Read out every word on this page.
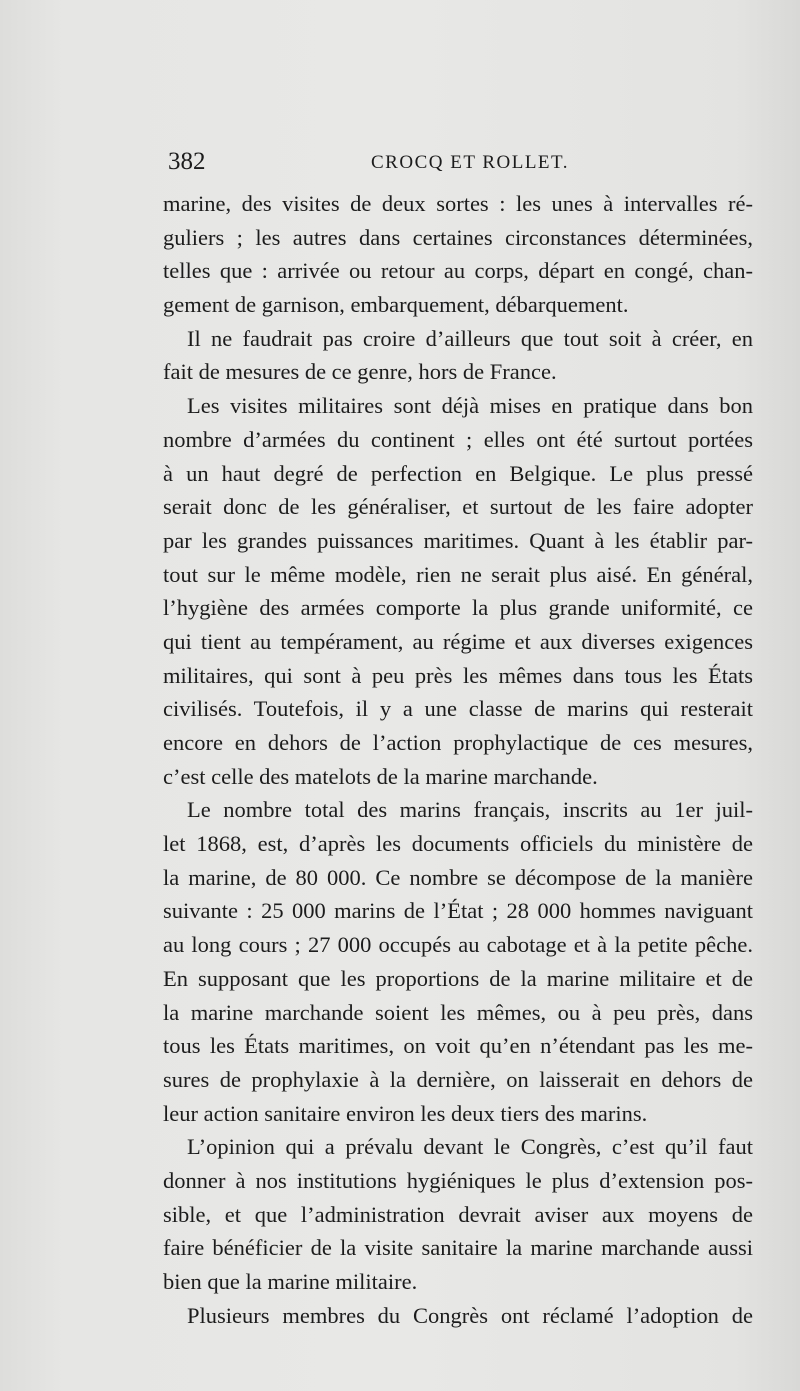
382	CROCQ ET ROLLET.
marine, des visites de deux sortes : les unes à intervalles ré-
guliers ; les autres dans certaines circonstances déterminées,
telles que : arrivée ou retour au corps, départ en congé, chan-
gement de garnison, embarquement, débarquement.
Il ne faudrait pas croire d’ailleurs que tout soit à créer, en
fait de mesures de ce genre, hors de France.
Les visites militaires sont déjà mises en pratique dans bon
nombre d’armées du continent ; elles ont été surtout portées
à un haut degré de perfection en Belgique. Le plus pressé
serait donc de les généraliser, et surtout de les faire adopter
par les grandes puissances maritimes. Quant à les établir par-
tout sur le même modèle, rien ne serait plus aisé. En général,
l’hygiène des armées comporte la plus grande uniformité, ce
qui tient au tempérament, au régime et aux diverses exigences
militaires, qui sont à peu près les mêmes dans tous les États
civilisés. Toutefois, il y a une classe de marins qui resterait
encore en dehors de l’action prophylactique de ces mesures,
c’est celle des matelots de la marine marchande.
Le nombre total des marins français, inscrits au 1er juil-
let 1868, est, d’après les documents officiels du ministère de
la marine, de 80 000. Ce nombre se décompose de la manière
suivante : 25 000 marins de l’État ; 28 000 hommes naviguant
au long cours ; 27 000 occupés au cabotage et à la petite pêche.
En supposant que les proportions de la marine militaire et de
la marine marchande soient les mêmes, ou à peu près, dans
tous les États maritimes, on voit qu’en n’étendant pas les me-
sures de prophylaxie à la dernière, on laisserait en dehors de
leur action sanitaire environ les deux tiers des marins.
L’opinion qui a prévalu devant le Congrès, c’est qu’il faut
donner à nos institutions hygiéniques le plus d’extension pos-
sible, et que l’administration devrait aviser aux moyens de
faire bénéficier de la visite sanitaire la marine marchande aussi
bien que la marine militaire.
Plusieurs membres du Congrès ont réclamé l’adoption de
